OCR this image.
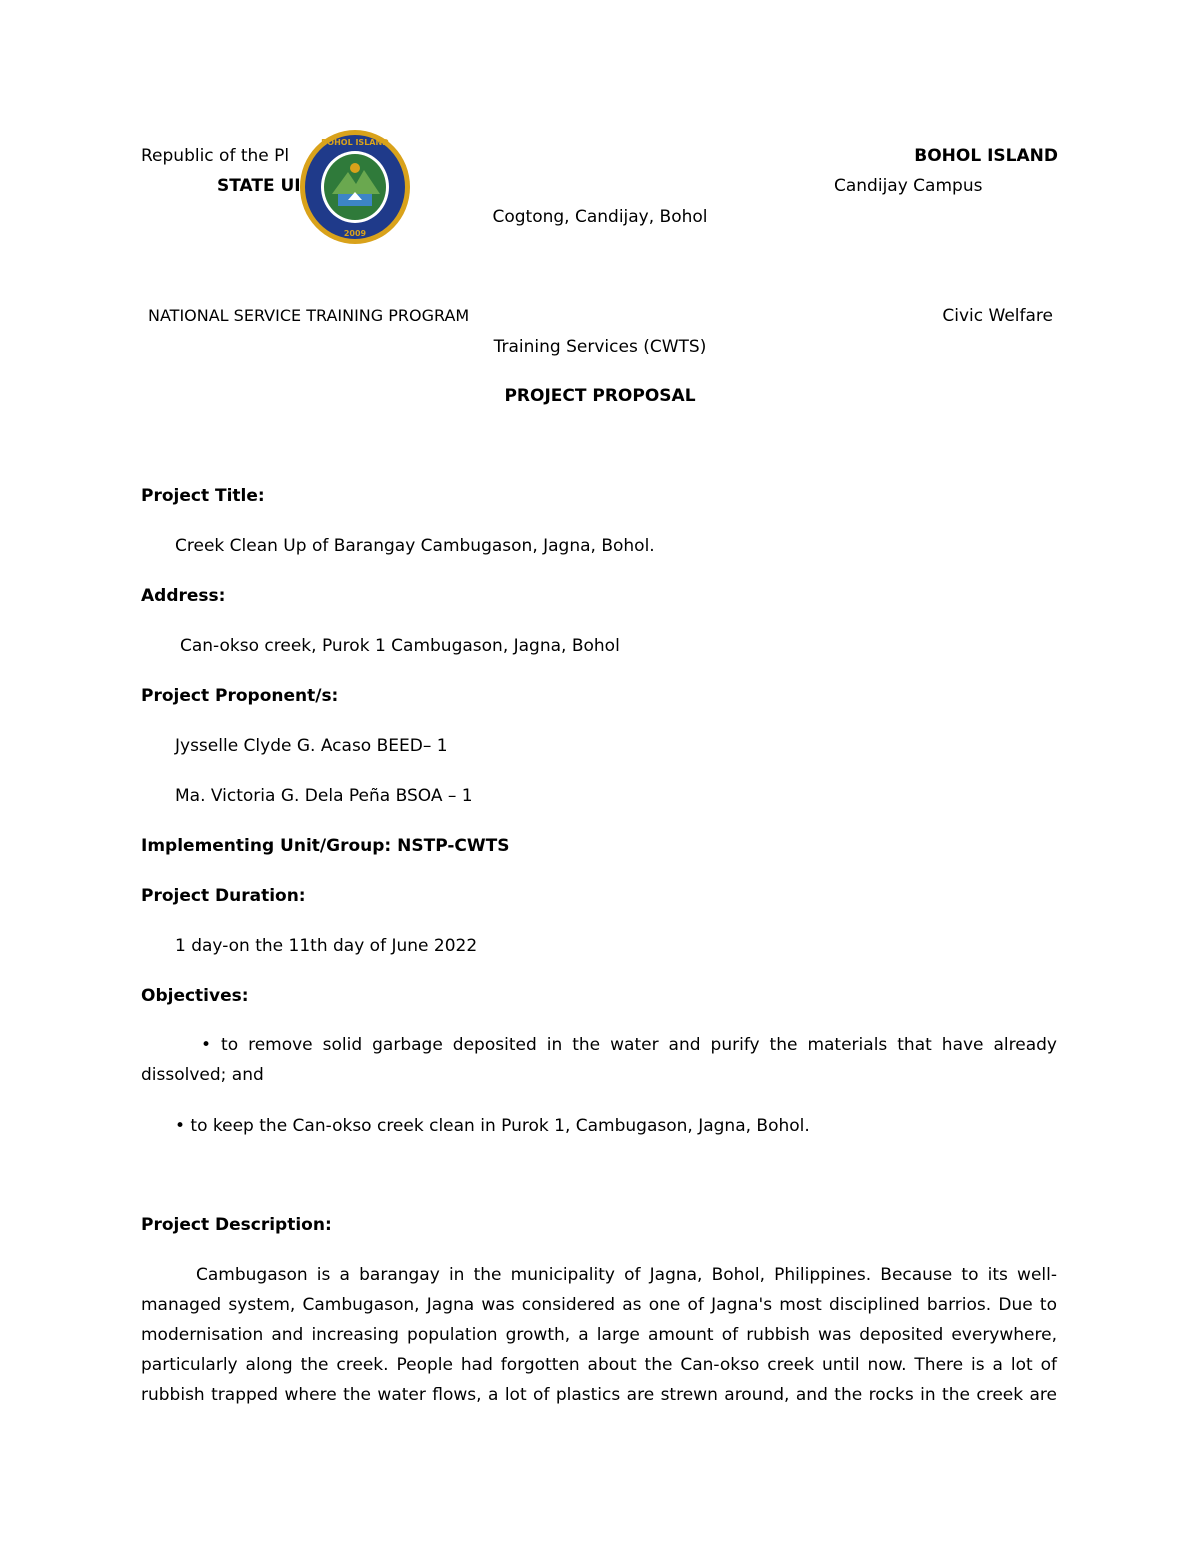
BOHOL ISLAND
2009
Republic of the Pl	BOHOL ISLAND
STATE UI	Candijay Campus
Cogtong, Candijay, Bohol
NATIONAL SERVICE TRAINING PROGRAM	Civic Welfare
Training Services (CWTS)
PROJECT PROPOSAL
Project Title:
Creek Clean Up of Barangay Cambugason, Jagna, Bohol.
Address:
Can-okso creek, Purok 1 Cambugason, Jagna, Bohol
Project Proponent/s:
Jysselle Clyde G. Acaso BEED– 1
Ma. Victoria G. Dela Peña BSOA – 1
Implementing Unit/Group: NSTP-CWTS
Project Duration:
1 day-on the 11th day of June 2022
Objectives:
• to remove solid garbage deposited in the water and purify the materials that have already dissolved; and
• to keep the Can-okso creek clean in Purok 1, Cambugason, Jagna, Bohol.
Project Description:
Cambugason is a barangay in the municipality of Jagna, Bohol, Philippines. Because to its well-managed system, Cambugason, Jagna was considered as one of Jagna's most disciplined barrios. Due to modernisation and increasing population growth, a large amount of rubbish was deposited everywhere, particularly along the creek. People had forgotten about the Can-okso creek until now. There is a lot of rubbish trapped where the water flows, a lot of plastics are strewn around, and the rocks in the creek are
